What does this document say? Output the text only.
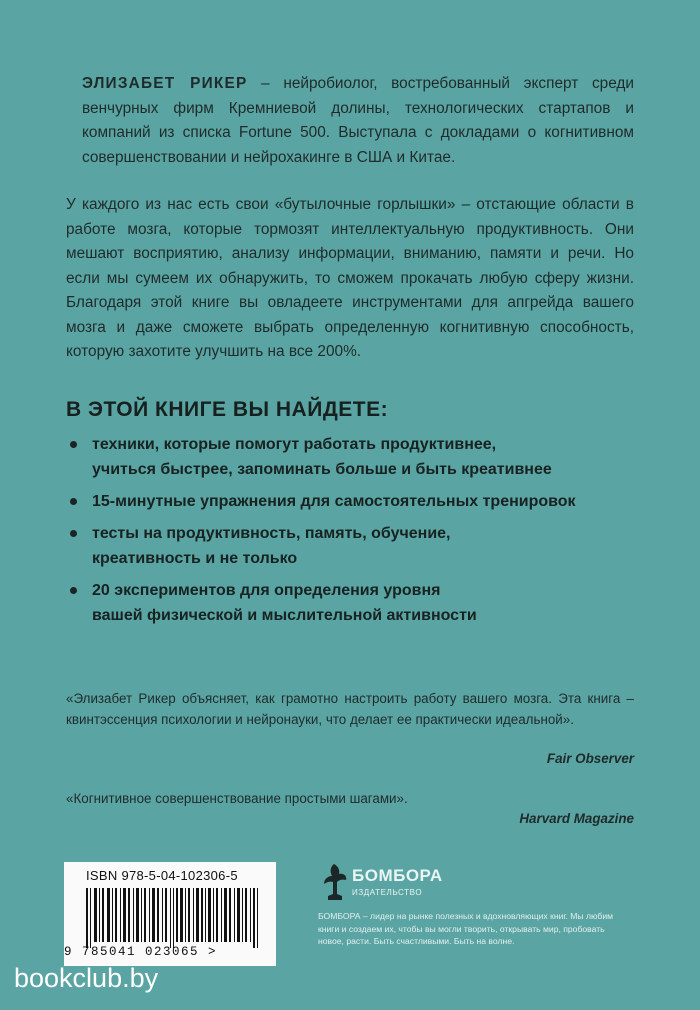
ЭЛИЗАБЕТ РИКЕР – нейробиолог, востребованный эксперт среди венчурных фирм Кремниевой долины, технологических стартапов и компаний из списка Fortune 500. Выступала с докладами о когнитивном совершенствовании и нейрохакинге в США и Китае.

У каждого из нас есть свои «бутылочные горлышки» – отстающие области в работе мозга, которые тормозят интеллектуальную продуктивность. Они мешают восприятию, анализу информации, вниманию, памяти и речи. Но если мы сумеем их обнаружить, то сможем прокачать любую сферу жизни. Благодаря этой книге вы овладеете инструментами для апгрейда вашего мозга и даже сможете выбрать определенную когнитивную способность, которую захотите улучшить на все 200%.

В ЭТОЙ КНИГЕ ВЫ НАЙДЕТЕ:
техники, которые помогут работать продуктивнее,
учиться быстрее, запоминать больше и быть креативнее
15-минутные упражнения для самостоятельных тренировок
тесты на продуктивность, память, обучение,
креативность и не только
20 экспериментов для определения уровня
вашей физической и мыслительной активности

«Элизабет Рикер объясняет, как грамотно настроить работу вашего мозга. Эта книга – квинтэссенция психологии и нейронауки, что делает ее практически идеальной».

Fair Observer
«Когнитивное совершенствование простыми шагами».
Harvard Magazine
ISBN 978-5-04-102306-5
9 785041 023065 >
БОМБОРА
ИЗДАТЕЛЬСТВО
БОМБОРА – лидер на рынке полезных и вдохновляющих книг. Мы любим книги и создаем их, чтобы вы могли творить, открывать мир, пробовать новое, расти. Быть счастливыми. Быть на волне.
bookclub.by
